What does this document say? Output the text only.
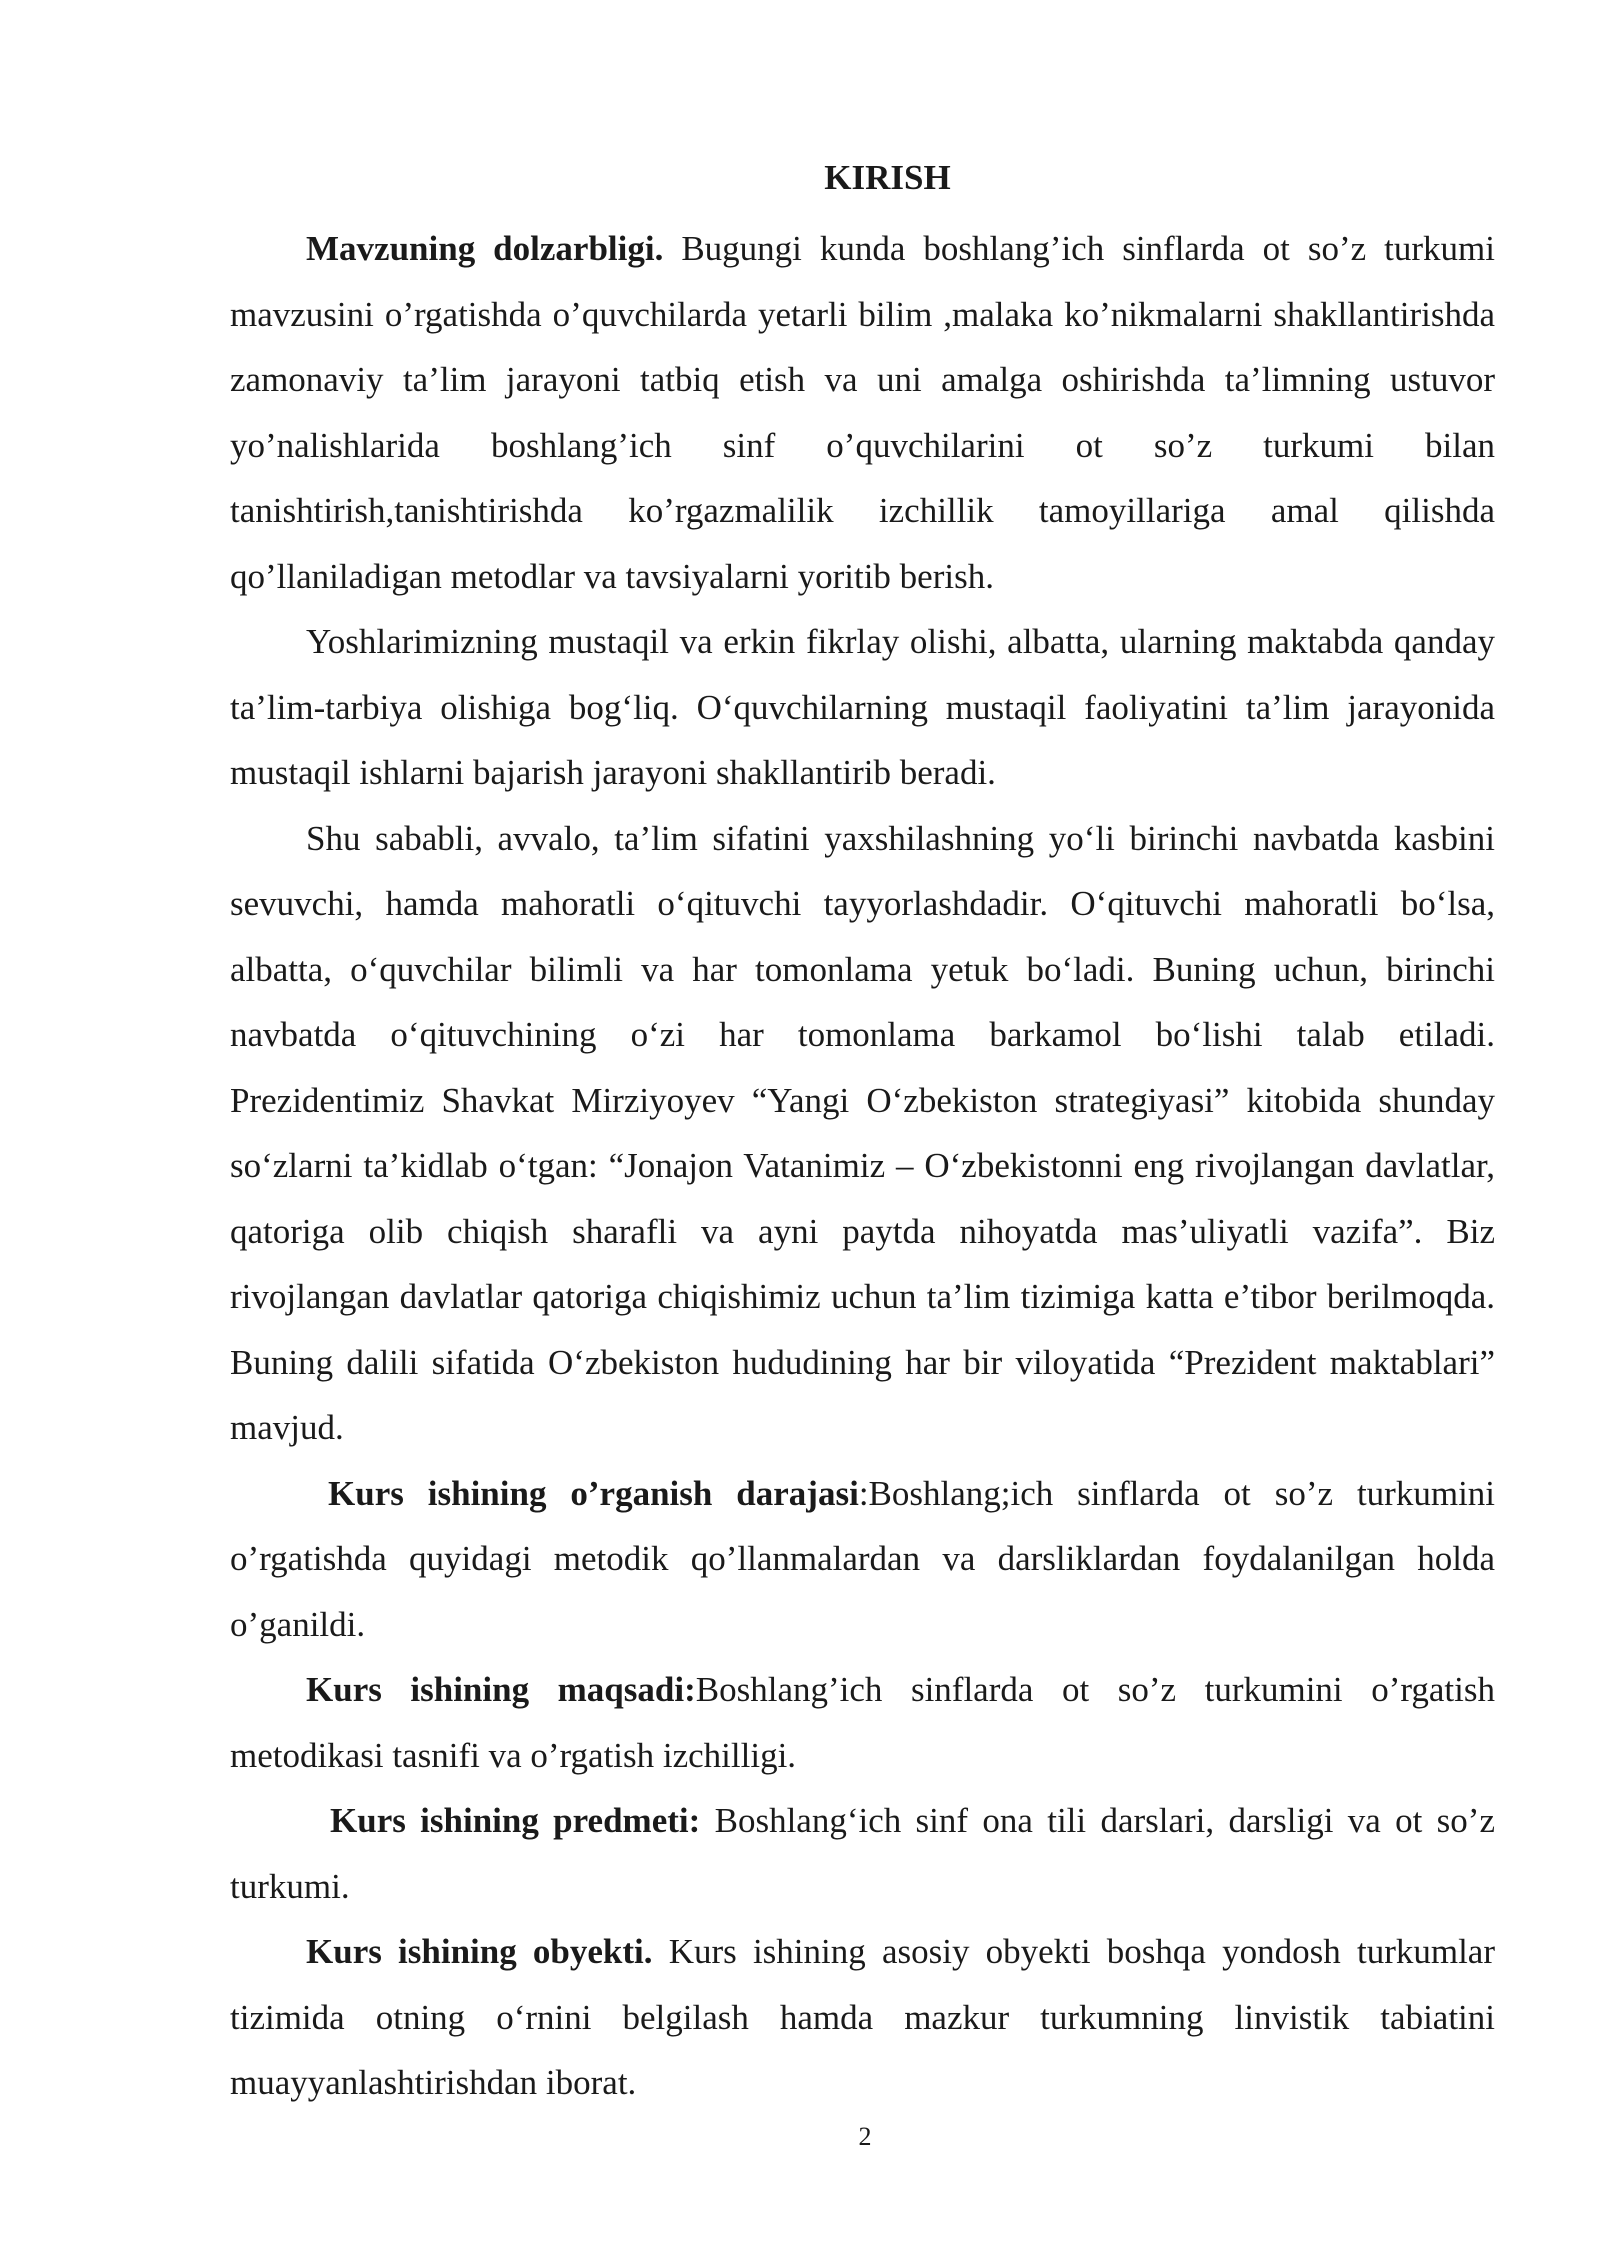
KIRISH

Mavzuning dolzarbligi. Bugungi kunda boshlang’ich sinflarda ot so’z turkumi mavzusini o’rgatishda o’quvchilarda yetarli bilim ,malaka ko’nikmalarni shakllantirishda zamonaviy ta’lim jarayoni tatbiq etish va uni amalga oshirishda ta’limning ustuvor yo’nalishlarida boshlang’ich sinf o’quvchilarini ot so’z turkumi bilan tanishtirish,tanishtirishda ko’rgazmalilik izchillik tamoyillariga amal qilishda qo’llaniladigan metodlar va tavsiyalarni yoritib berish.

Yoshlarimizning mustaqil va erkin fikrlay olishi, albatta, ularning maktabda qanday ta’lim-tarbiya olishiga bog‘liq. O‘quvchilarning mustaqil faoliyatini ta’lim jarayonida mustaqil ishlarni bajarish jarayoni shakllantirib beradi.

Shu sababli, avvalo, ta’lim sifatini yaxshilashning yo‘li birinchi navbatda kasbini sevuvchi, hamda mahoratli o‘qituvchi tayyorlashdadir. O‘qituvchi mahoratli bo‘lsa, albatta, o‘quvchilar bilimli va har tomonlama yetuk bo‘ladi. Buning uchun, birinchi navbatda o‘qituvchining o‘zi har tomonlama barkamol bo‘lishi talab etiladi. Prezidentimiz Shavkat Mirziyoyev “Yangi O‘zbekiston strategiyasi” kitobida shunday so‘zlarni ta’kidlab o‘tgan: “Jonajon Vatanimiz – O‘zbekistonni eng rivojlangan davlatlar, qatoriga olib chiqish sharafli va ayni paytda nihoyatda mas’uliyatli vazifa”. Biz rivojlangan davlatlar qatoriga chiqishimiz uchun ta’lim tizimiga katta e’tibor berilmoqda. Buning dalili sifatida O‘zbekiston hududining har bir viloyatida “Prezident maktablari” mavjud.

Kurs ishining o’rganish darajasi:Boshlang;ich sinflarda ot so’z turkumini o’rgatishda quyidagi metodik qo’llanmalardan va darsliklardan foydalanilgan holda o’ganildi.

Kurs ishining maqsadi:Boshlang’ich sinflarda ot so’z turkumini o’rgatish metodikasi tasnifi va o’rgatish izchilligi.

Kurs ishining predmeti: Boshlang‘ich sinf ona tili darslari, darsligi va ot so’z turkumi.

Kurs ishining obyekti. Kurs ishining asosiy obyekti boshqa yondosh turkumlar tizimida otning o‘rnini belgilash hamda mazkur turkumning linvistik tabiatini muayyanlashtirishdan iborat.

2
